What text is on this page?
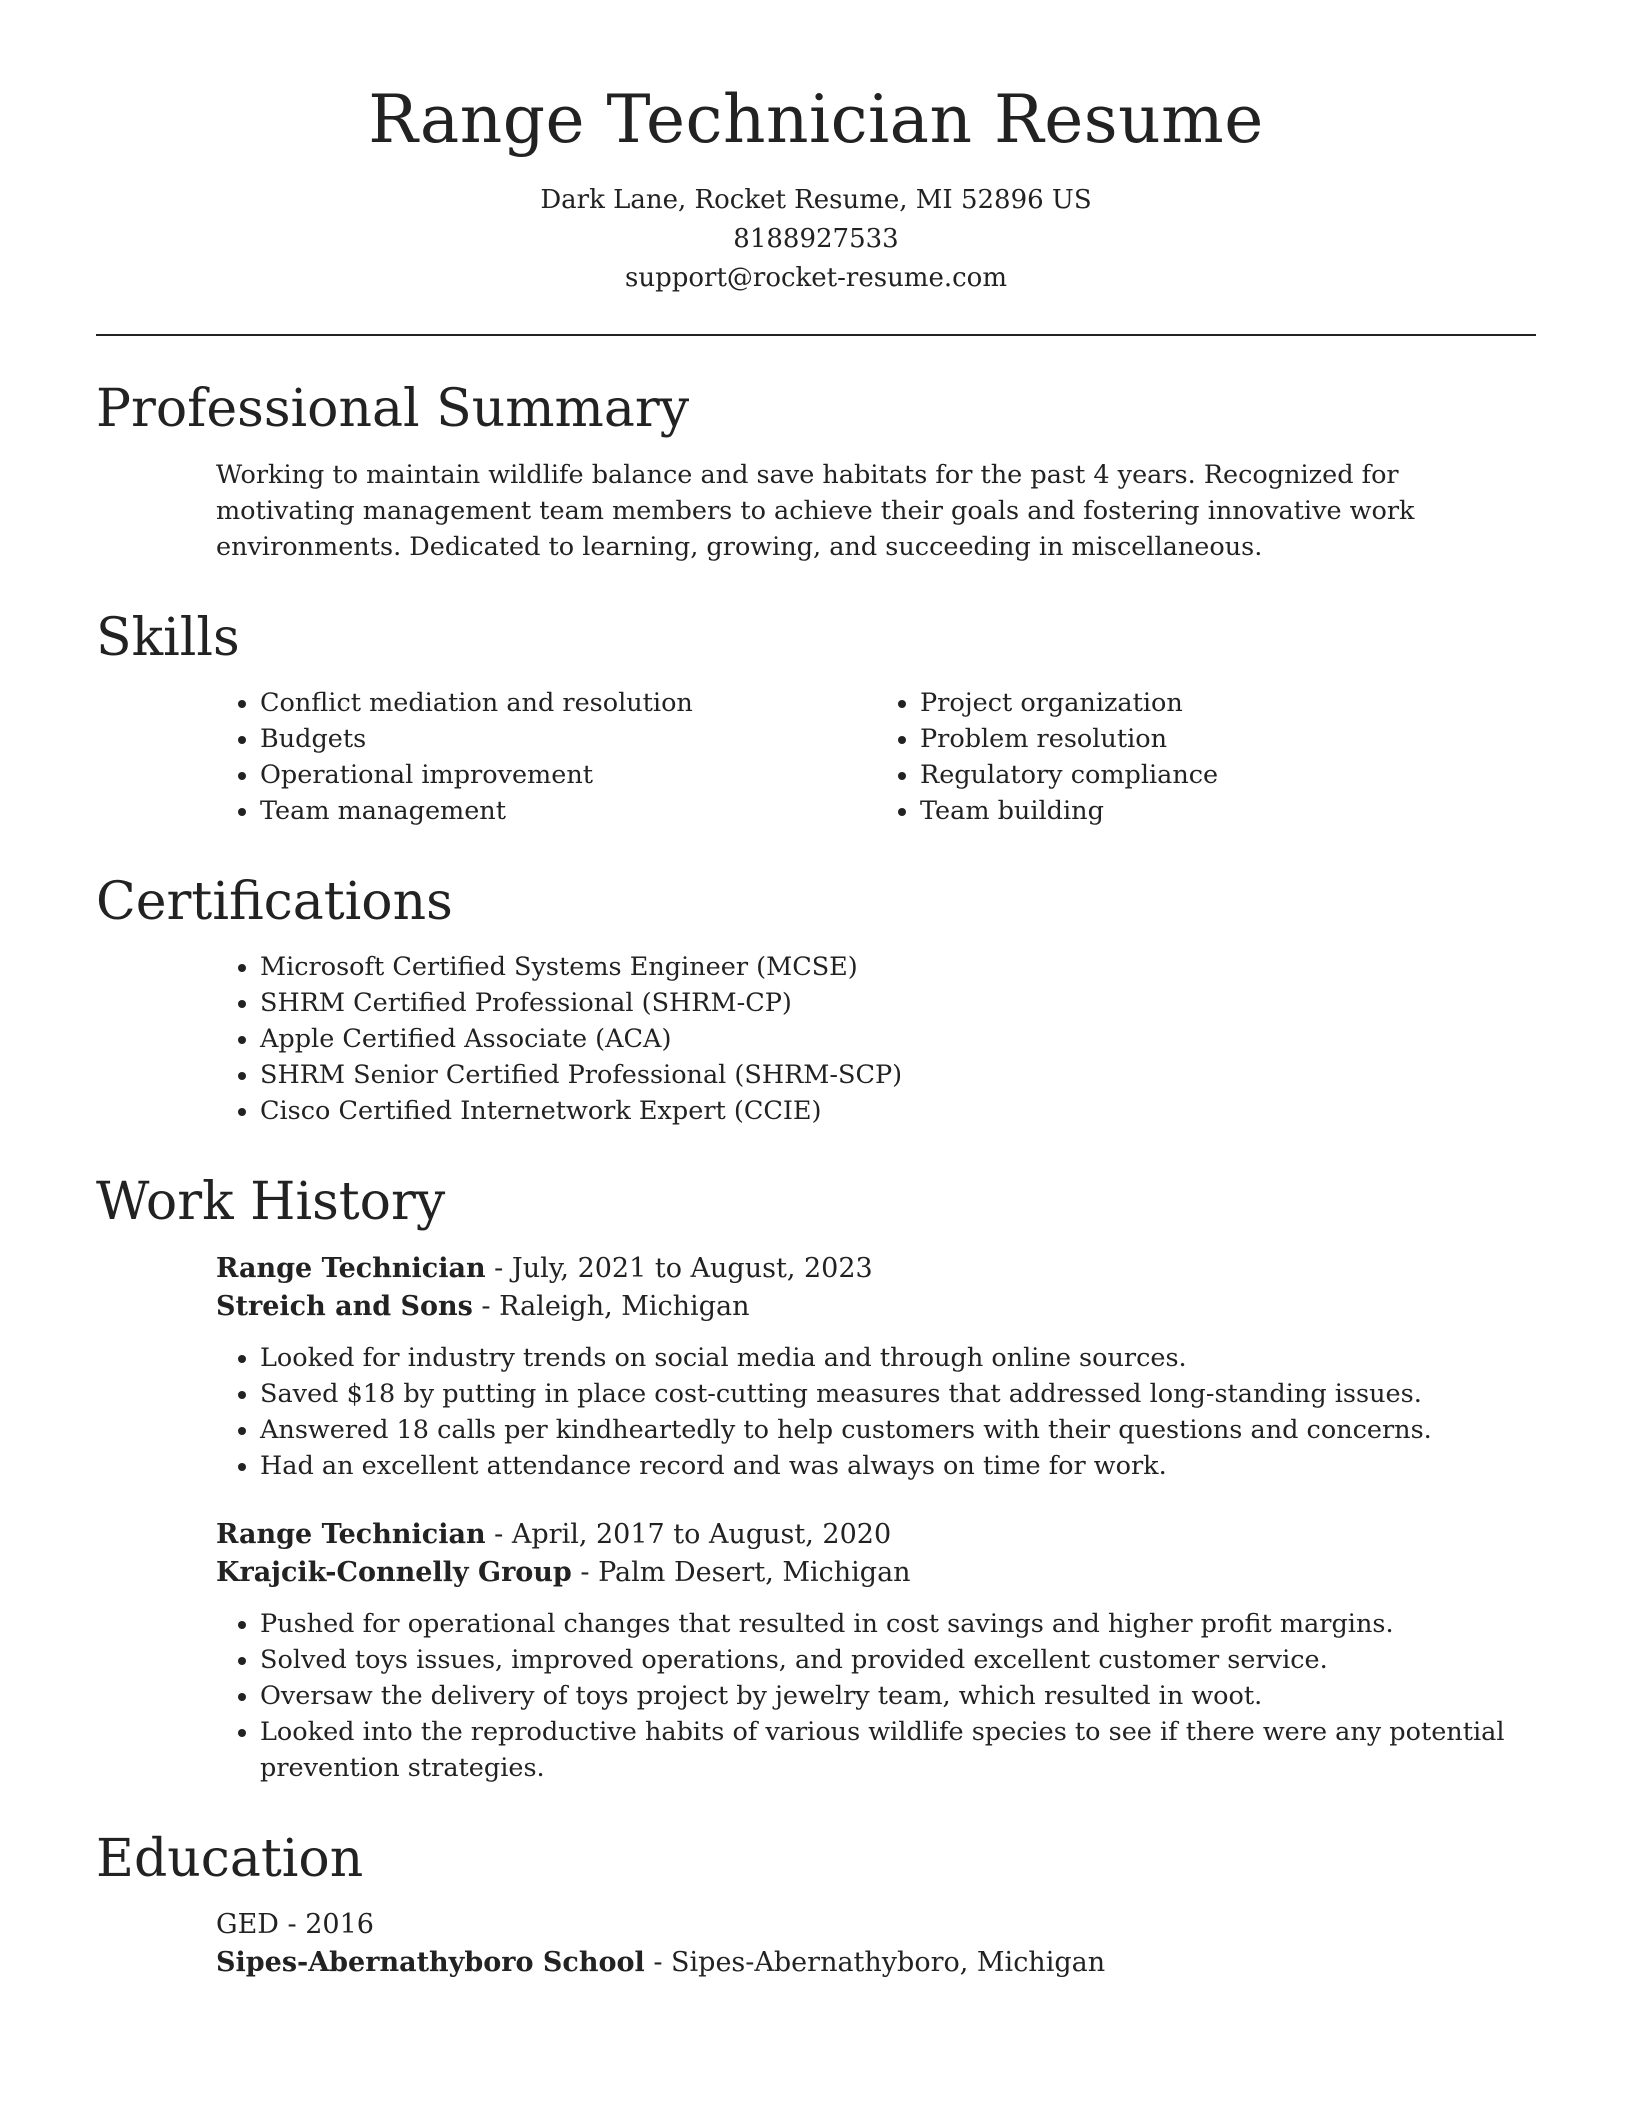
Range Technician Resume
Dark Lane, Rocket Resume, MI 52896 US
8188927533
support@rocket-resume.com
Professional Summary

Working to maintain wildlife balance and save habitats for the past 4 years. Recognized for motivating management team members to achieve their goals and fostering innovative work environments. Dedicated to learning, growing, and succeeding in miscellaneous.

Skills
• Conflict mediation and resolution
• Budgets
• Operational improvement
• Team management
• Project organization
• Problem resolution
• Regulatory compliance
• Team building
Certifications
• Microsoft Certified Systems Engineer (MCSE)
• SHRM Certified Professional (SHRM-CP)
• Apple Certified Associate (ACA)
• SHRM Senior Certified Professional (SHRM-SCP)
• Cisco Certified Internetwork Expert (CCIE)
Work History
Range Technician - July, 2021 to August, 2023
Streich and Sons - Raleigh, Michigan
• Looked for industry trends on social media and through online sources.
• Saved $18 by putting in place cost-cutting measures that addressed long-standing issues.
• Answered 18 calls per kindheartedly to help customers with their questions and concerns.
• Had an excellent attendance record and was always on time for work.
Range Technician - April, 2017 to August, 2020
Krajcik-Connelly Group - Palm Desert, Michigan
• Pushed for operational changes that resulted in cost savings and higher profit margins.
• Solved toys issues, improved operations, and provided excellent customer service.
• Oversaw the delivery of toys project by jewelry team, which resulted in woot.
• Looked into the reproductive habits of various wildlife species to see if there were any potential prevention strategies.
Education
GED - 2016
Sipes-Abernathyboro School - Sipes-Abernathyboro, Michigan
